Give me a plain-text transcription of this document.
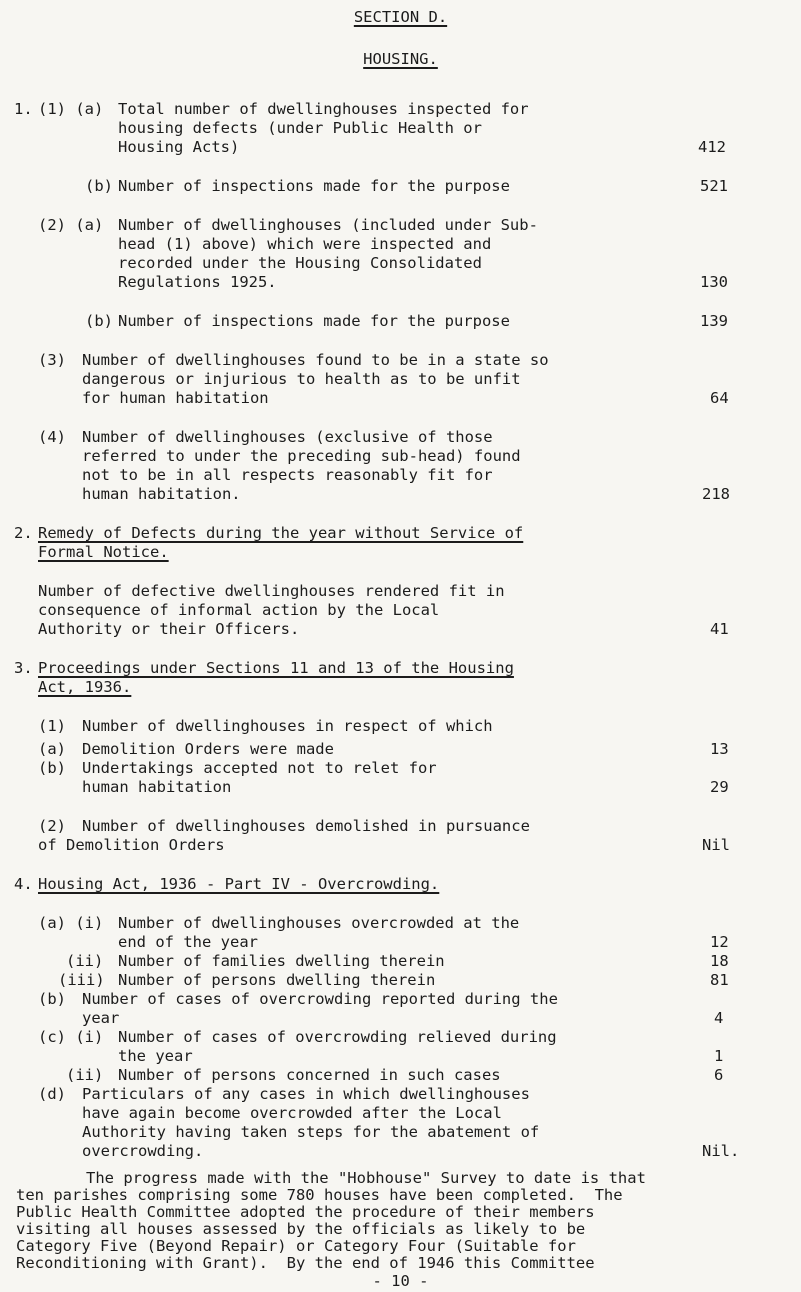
SECTION D.
HOUSING.
1. (1) (a) Total number of dwellinghouses inspected for
housing defects (under Public Health or
Housing Acts)	412
(b) Number of inspections made for the purpose	521
(2) (a) Number of dwellinghouses (included under Sub-
head (1) above) which were inspected and
recorded under the Housing Consolidated
Regulations 1925.	130
(b) Number of inspections made for the purpose	139
(3) Number of dwellinghouses found to be in a state so
dangerous or injurious to health as to be unfit
for human habitation	64
(4) Number of dwellinghouses (exclusive of those
referred to under the preceding sub-head) found
not to be in all respects reasonably fit for
human habitation.	218
2. Remedy of Defects during the year without Service of
Formal Notice.
Number of defective dwellinghouses rendered fit in
consequence of informal action by the Local
Authority or their Officers.	41
3. Proceedings under Sections 11 and 13 of the Housing
Act, 1936.
(1) Number of dwellinghouses in respect of which
(a) Demolition Orders were made	13
(b) Undertakings accepted not to relet for
human habitation	29
(2) Number of dwellinghouses demolished in pursuance
of Demolition Orders	Nil
4. Housing Act, 1936 - Part IV - Overcrowding.
(a) (i) Number of dwellinghouses overcrowded at the
end of the year	12
(ii) Number of families dwelling therein	18
(iii) Number of persons dwelling therein	81
(b) Number of cases of overcrowding reported during the
year	4
(c) (i) Number of cases of overcrowding relieved during
the year	1
(ii) Number of persons concerned in such cases	6
(d) Particulars of any cases in which dwellinghouses
have again become overcrowded after the Local
Authority having taken steps for the abatement of
overcrowding.	Nil.
The progress made with the "Hobhouse" Survey to date is that
ten parishes comprising some 780 houses have been completed.  The
Public Health Committee adopted the procedure of their members
visiting all houses assessed by the officials as likely to be
Category Five (Beyond Repair) or Category Four (Suitable for
Reconditioning with Grant).  By the end of 1946 this Committee
- 10 -
